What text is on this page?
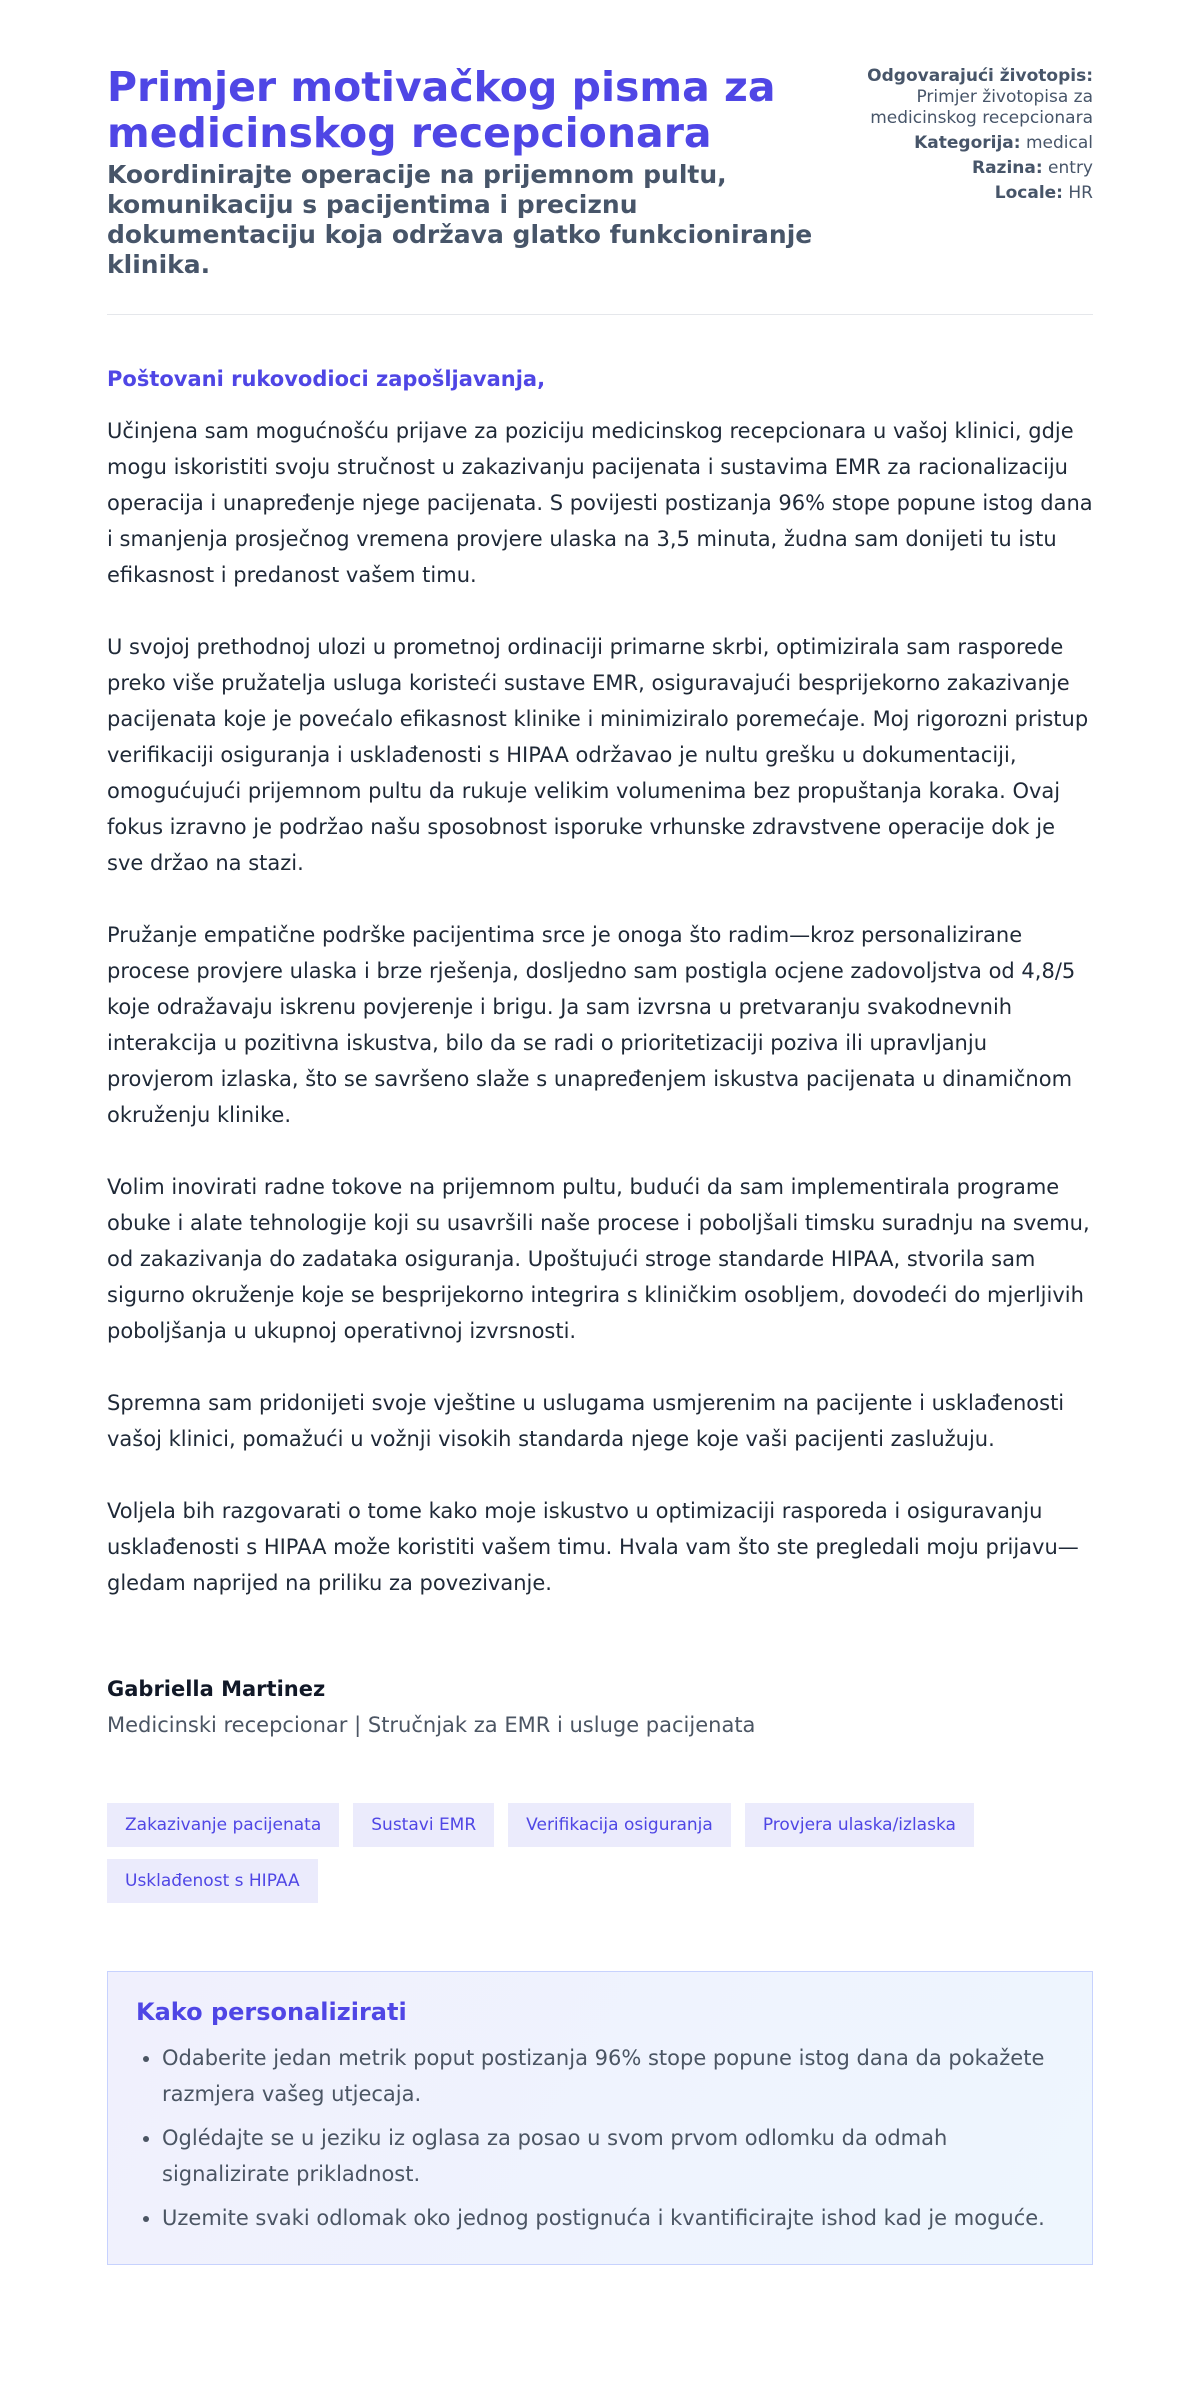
Primjer motivačkog pisma za medicinskog recepcionara

Koordinirajte operacije na prijemnom pultu, komunikaciju s pacijentima i preciznu dokumentaciju koja održava glatko funkcioniranje klinika.

Odgovarajući životopis:
Primjer životopisa za medicinskog recepcionara
Kategorija: medical
Razina: entry
Locale: HR
Poštovani rukovodioci zapošljavanja,

Učinjena sam mogućnošću prijave za poziciju medicinskog recepcionara u vašoj klinici, gdje mogu iskoristiti svoju stručnost u zakazivanju pacijenata i sustavima EMR za racionalizaciju operacija i unapređenje njege pacijenata. S povijesti postizanja 96% stope popune istog dana i smanjenja prosječnog vremena provjere ulaska na 3,5 minuta, žudna sam donijeti tu istu efikasnost i predanost vašem timu.

U svojoj prethodnoj ulozi u prometnoj ordinaciji primarne skrbi, optimizirala sam rasporede preko više pružatelja usluga koristeći sustave EMR, osiguravajući besprijekorno zakazivanje pacijenata koje je povećalo efikasnost klinike i minimiziralo poremećaje. Moj rigorozni pristup verifikaciji osiguranja i usklađenosti s HIPAA održavao je nultu grešku u dokumentaciji, omogućujući prijemnom pultu da rukuje velikim volumenima bez propuštanja koraka. Ovaj fokus izravno je podržao našu sposobnost isporuke vrhunske zdravstvene operacije dok je sve držao na stazi.

Pružanje empatične podrške pacijentima srce je onoga što radim—kroz personalizirane procese provjere ulaska i brze rješenja, dosljedno sam postigla ocjene zadovoljstva od 4,8/5 koje odražavaju iskrenu povjerenje i brigu. Ja sam izvrsna u pretvaranju svakodnevnih interakcija u pozitivna iskustva, bilo da se radi o prioritetizaciji poziva ili upravljanju provjerom izlaska, što se savršeno slaže s unapređenjem iskustva pacijenata u dinamičnom okruženju klinike.

Volim inovirati radne tokove na prijemnom pultu, budući da sam implementirala programe obuke i alate tehnologije koji su usavršili naše procese i poboljšali timsku suradnju na svemu, od zakazivanja do zadataka osiguranja. Upoštujući stroge standarde HIPAA, stvorila sam sigurno okruženje koje se besprijekorno integrira s kliničkim osobljem, dovodeći do mjerljivih poboljšanja u ukupnoj operativnoj izvrsnosti.

Spremna sam pridonijeti svoje vještine u uslugama usmjerenim na pacijente i usklađenosti vašoj klinici, pomažući u vožnji visokih standarda njege koje vaši pacijenti zaslužuju.

Voljela bih razgovarati o tome kako moje iskustvo u optimizaciji rasporeda i osiguravanju usklađenosti s HIPAA može koristiti vašem timu. Hvala vam što ste pregledali moju prijavu—gledam naprijed na priliku za povezivanje.

Gabriella Martinez

Medicinski recepcionar | Stručnjak za EMR i usluge pacijenata

Zakazivanje pacijenata	Sustavi EMR	Verifikacija osiguranja	Provjera ulaska/izlaska
Usklađenost s HIPAA
Kako personalizirati
• Odaberite jedan metrik poput postizanja 96% stope popune istog dana da pokažete razmjera vašeg utjecaja.
• Oglédajte se u jeziku iz oglasa za posao u svom prvom odlomku da odmah signalizirate prikladnost.
• Uzemite svaki odlomak oko jednog postignuća i kvantificirajte ishod kad je moguće.
